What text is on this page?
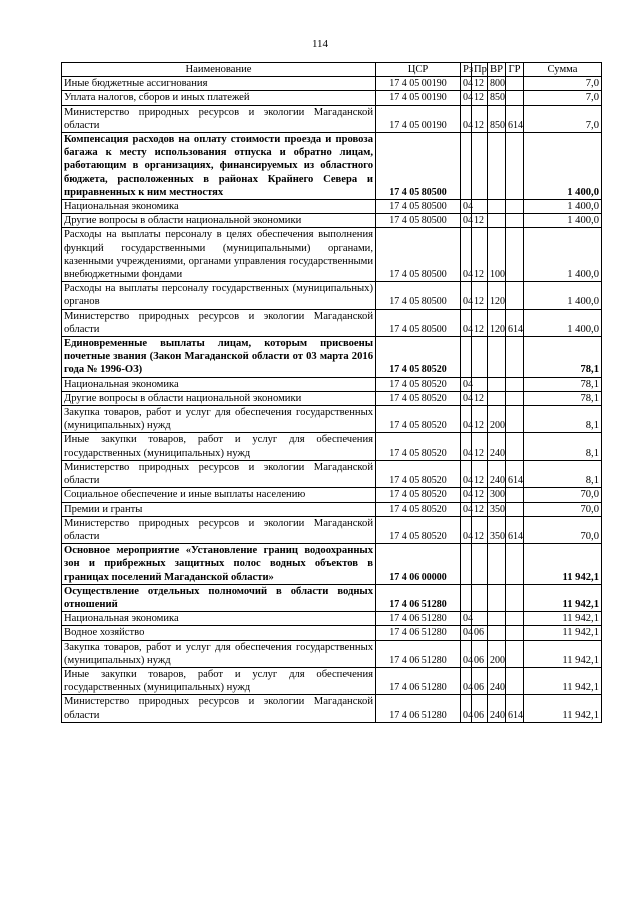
114
Наименование	ЦСР	Рз	Пр	ВР	ГР	Сумма
Иные бюджетные ассигнования	17 4 05 00190	04	12	800		7,0
Уплата налогов, сборов и иных платежей	17 4 05 00190	04	12	850		7,0
Министерство природных ресурсов и экологии Магаданской области	17 4 05 00190	04	12	850	614	7,0
Компенсация расходов на оплату стоимости проезда и провоза багажа к месту использования отпуска и обратно лицам, работающим в организациях, финансируемых из областного бюджета, расположенных в районах Крайнего Севера и приравненных к ним местностях	17 4 05 80500					1 400,0
Национальная экономика	17 4 05 80500	04				1 400,0
Другие вопросы в области национальной экономики	17 4 05 80500	04	12			1 400,0
Расходы на выплаты персоналу в целях обеспечения выполнения функций государственными (муниципальными) органами, казенными учреждениями, органами управления государственными внебюджетными фондами	17 4 05 80500	04	12	100		1 400,0
Расходы на выплаты персоналу государственных (муниципальных) органов	17 4 05 80500	04	12	120		1 400,0
Министерство природных ресурсов и экологии Магаданской области	17 4 05 80500	04	12	120	614	1 400,0
Единовременные выплаты лицам, которым присвоены почетные звания (Закон Магаданской области от 03 марта 2016 года № 1996-ОЗ)	17 4 05 80520					78,1
Национальная экономика	17 4 05 80520	04				78,1
Другие вопросы в области национальной экономики	17 4 05 80520	04	12			78,1
Закупка товаров, работ и услуг для обеспечения государственных (муниципальных) нужд	17 4 05 80520	04	12	200		8,1
Иные закупки товаров, работ и услуг для обеспечения государственных (муниципальных) нужд	17 4 05 80520	04	12	240		8,1
Министерство природных ресурсов и экологии Магаданской области	17 4 05 80520	04	12	240	614	8,1
Социальное обеспечение и иные выплаты населению	17 4 05 80520	04	12	300		70,0
Премии и гранты	17 4 05 80520	04	12	350		70,0
Министерство природных ресурсов и экологии Магаданской области	17 4 05 80520	04	12	350	614	70,0
Основное мероприятие «Установление границ водоохранных зон и прибрежных защитных полос водных объектов в границах поселений Магаданской области»	17 4 06 00000					11 942,1
Осуществление отдельных полномочий в области водных отношений	17 4 06 51280					11 942,1
Национальная экономика	17 4 06 51280	04				11 942,1
Водное хозяйство	17 4 06 51280	04	06			11 942,1
Закупка товаров, работ и услуг для обеспечения государственных (муниципальных) нужд	17 4 06 51280	04	06	200		11 942,1
Иные закупки товаров, работ и услуг для обеспечения государственных (муниципальных) нужд	17 4 06 51280	04	06	240		11 942,1
Министерство природных ресурсов и экологии Магаданской области	17 4 06 51280	04	06	240	614	11 942,1
